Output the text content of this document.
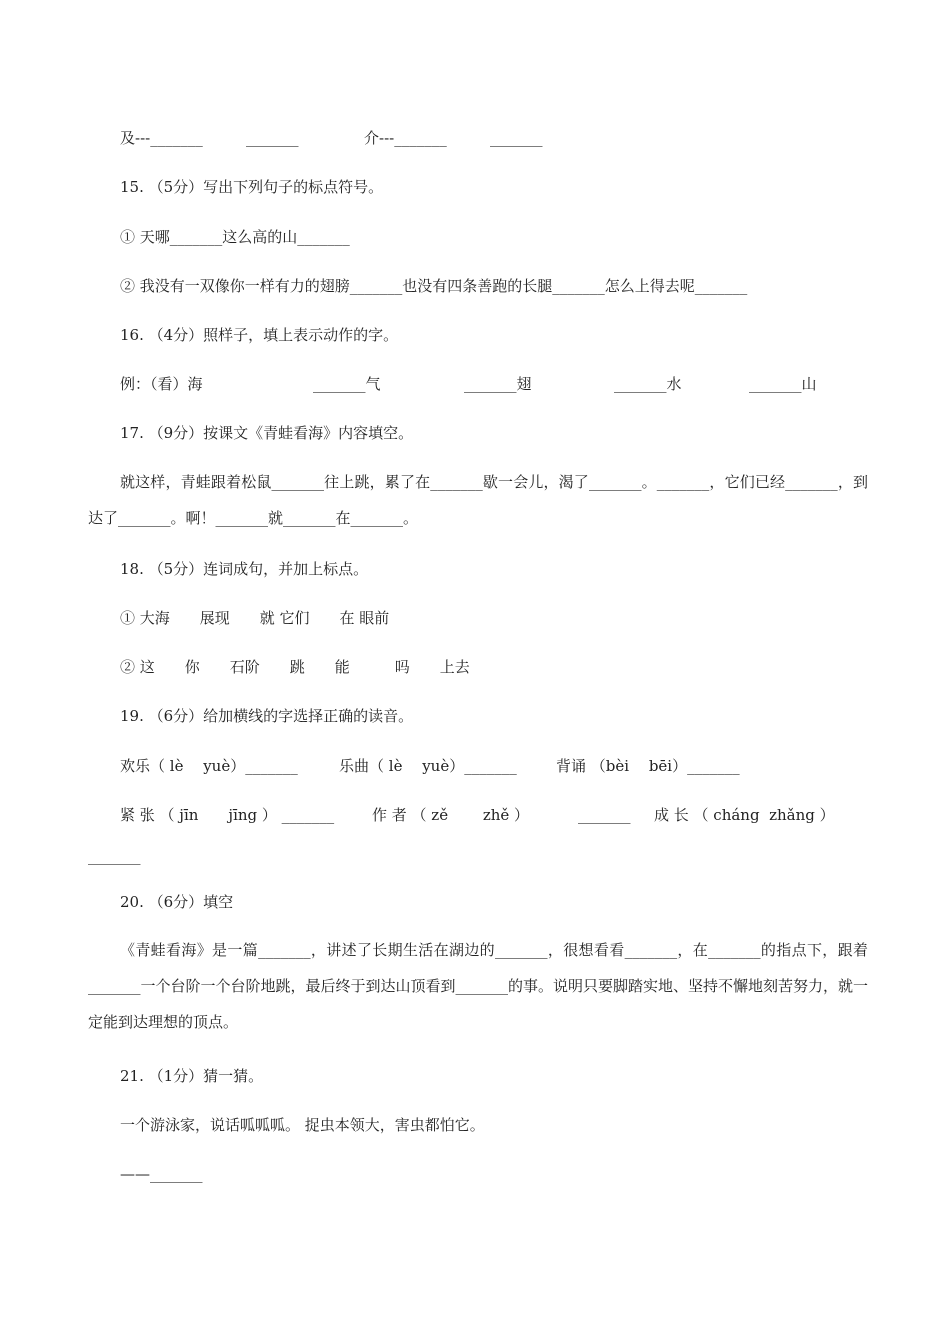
及---_______	_______	介---_______	_______
15. （5分）写出下列句子的标点符号。
① 天哪_______这么高的山_______
② 我没有一双像你一样有力的翅膀_______也没有四条善跑的长腿_______怎么上得去呢_______
16. （4分）照样子，填上表示动作的字。
例：（看）海	_______气	_______翅	_______水	_______山
17. （9分）按课文《青蛙看海》内容填空。
就这样，青蛙跟着松鼠_______往上跳，累了在_______歇一会儿，渴了_______。_______，它们已经_______，到达了_______。啊！_______就_______在_______。
18. （5分）连词成句，并加上标点。
① 大海　　展现　　就 它们　　在 眼前
② 这　　你　　石阶　　跳　　能　　　吗　　上去
19. （6分）给加横线的字选择正确的读音。
欢乐（ lè　 yuè）_______	乐曲（ lè　 yuè）_______	背诵 （bèi　 bēi）_______
紧 张 （ jīn　　jīng ） _______	作 者 （ zě　　 zhě ）	_______ 成 长 （ cháng  zhǎng ）
_______
20. （6分）填空
《青蛙看海》是一篇_______，讲述了长期生活在湖边的_______，很想看看_______，在_______的指点下，跟着_______一个台阶一个台阶地跳，最后终于到达山顶看到_______的事。说明只要脚踏实地、坚持不懈地刻苦努力，就一定能到达理想的顶点。
21. （1分）猜一猜。
一个游泳家，说话呱呱呱。 捉虫本领大，害虫都怕它。
——_______
